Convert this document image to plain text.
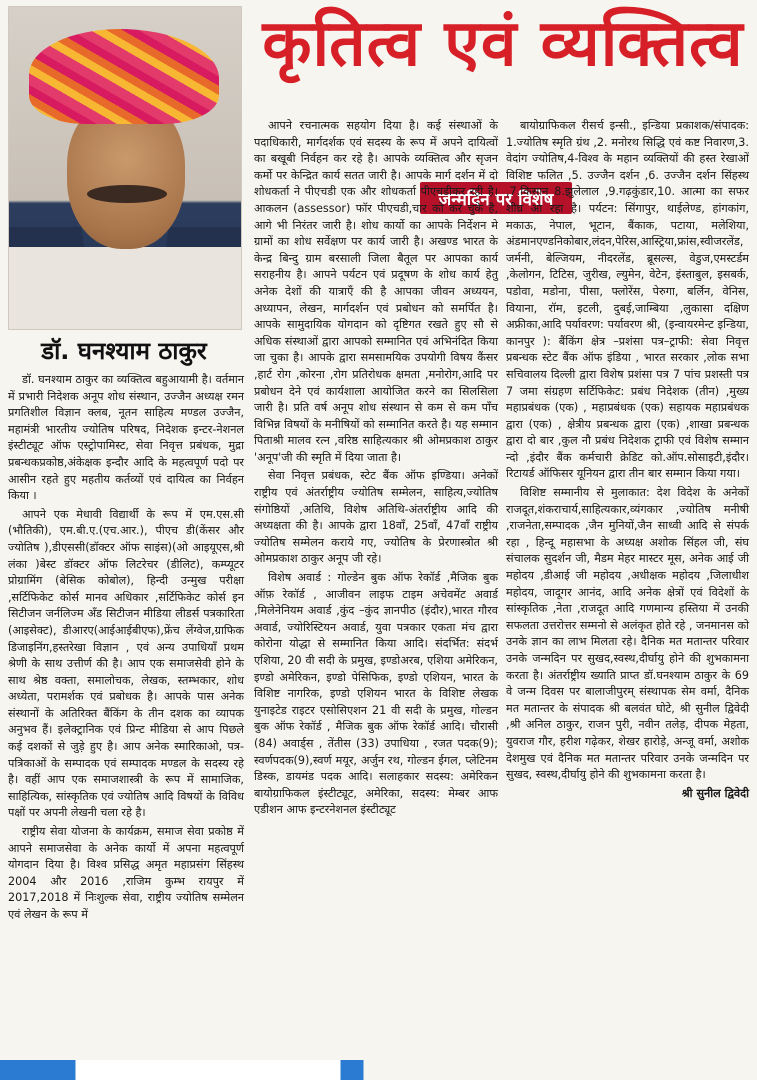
डॉ. घनश्याम ठाकुर
कृतित्व एवं व्यक्तित्व
जन्मदिन पर विशेष

डॉ. घनश्याम ठाकुर का व्यक्तित्व बहुआयामी है। वर्तमान में प्रभारी निदेशक अनूप शोध संस्थान, उज्जैन अध्यक्ष रमन प्रगतिशील विज्ञान क्लब, नूतन साहित्य मण्डल उज्जैन, महामंत्री भारतीय ज्योतिष परिषद, निदेशक इन्टर-नेशनल इंस्टीट्यूट ऑफ एस्ट्रोपामिस्ट, सेवा निवृत्त प्रबंधक, मुद्रा प्रबन्धकप्रकोष्ठ,अंकेक्षक इन्दौर आदि के महत्वपूर्ण पदो पर आसीन रहते हुए महतीय कर्तव्यों एवं दायित्व का निर्वहन किया ।

आपने एक मेधावी विद्यार्थी के रूप में एम.एस.सी (भौतिकी), एम.बी.ए.(एच.आर.), पीएच डी(केंसर और ज्योतिष ),डीएससी(डॉक्टर ऑफ साइंस)(ओ आइयूएस,श्री लंका )बेस्ट डॉक्टर ऑफ लिटरेचर (डीलिट), कम्प्यूटर प्रोग्रामिंग (बेसिक कोबोल), हिन्दी उन्मुख परीक्षा ,सर्टिफिकेट कोर्स मानव अधिकार ,सर्टिफिकेट कोर्स इन सिटीजन जर्नलिज्म अँड सिटीजन मीडिया लीडर्स पत्रकारिता (आइसेक्ट), डीआरए(आईआईबीएफ),फ्रेंच लेंग्वेज,ग्राफिक डिजाइनिंग,हस्तरेखा विज्ञान , एवं अन्य उपाधियाँ प्रथम श्रेणी के साथ उत्तीर्ण की है। आप एक समाजसेवी होने के साथ श्रेष्ठ वक्ता, समालोचक, लेखक, स्तम्भकार, शोध अध्येता, परामर्शक एवं प्रबोधक है। आपके पास अनेक संस्थानों के अतिरिक्त बैंकिंग के तीन दशक का व्यापक अनुभव हैं। इलेक्ट्रानिक एवं प्रिन्ट मीडिया से आप पिछले कई दशकों से जुड़े हुए है। आप अनेक स्मारिकाओ, पत्र-पत्रिकाओं के सम्पादक एवं सम्पादक मण्डल के सदस्य रहे है। वहीं आप एक समाजशास्त्री के रूप में सामाजिक, साहित्यिक, सांस्कृतिक एवं ज्योतिष आदि विषयों के विविध पक्षों पर अपनी लेखनी चला रहे है।

राष्ट्रीय सेवा योजना के कार्यक्रम, समाज सेवा प्रकोष्ठ में आपने समाजसेवा के अनेक कार्यो में अपना महत्वपूर्ण योगदान दिया है। विश्व प्रसिद्ध अमृत महाप्रसंग सिंहस्थ 2004 और 2016 ,राजिम कुम्भ रायपुर में 2017,2018 में निःशुल्क सेवा, राष्ट्रीय ज्योतिष सम्मेलन एवं लेखन के रूप में

आपने रचनात्मक सहयोग दिया है। कई संस्थाओं के पदाधिकारी, मार्गदर्शक एवं सदस्य के रूप में अपने दायित्वों का बखूबी निर्वहन कर रहे है। आपके व्यक्तित्व और सृजन कर्मो पर केन्द्रित कार्य सतत जारी है। आपके मार्ग दर्शन में दो शोधकर्ता ने पीएचडी एक और शोधकर्ता पीएचडीकर रही है। आकलन (assessor) फॉर पीएचडी,चार को कर चुके है, आगे भी निरंतर जारी है। शोध कार्यो का आपके निर्देशन मे ग्रामों का शोध सर्वेक्षण पर कार्य जारी है। अखण्ड भारत के केन्द्र बिन्दु ग्राम बरसाली जिला बैतूल पर आपका कार्य सराहनीय है। आपने पर्यटन एवं प्रदूषण के शोध कार्य हेतु अनेक देशों की यात्राएँ की है आपका जीवन अध्ययन, अध्यापन, लेखन, मार्गदर्शन एवं प्रबोधन को समर्पित है। आपके सामुदायिक योगदान को दृष्टिगत रखते हुए सौ से अधिक संस्थाओं द्वारा आपको सम्मानित एवं अभिनंदित किया जा चुका है। आपके द्वारा समसामयिक उपयोगी विषय कैंसर ,हार्ट रोग ,कोरना ,रोग प्रतिरोधक क्षमता ,मनोरोग,आदि पर प्रबोधन देने एवं कार्यशाला आयोजित करने का सिलसिला जारी है। प्रति वर्ष अनूप शोध संस्थान से कम से कम पाँच विभिन्न विषयों के मनीषियों को सम्मानित करते है। यह सम्मान पिताश्री मालव रत्न ,वरिष्ठ साहित्यकार श्री ओमप्रकाश ठाकुर 'अनूप'जी की स्मृति में दिया जाता है।

सेवा निवृत्त प्रबंधक, स्टेट बैंक ऑफ इण्डिया। अनेकों राष्ट्रीय एवं अंतर्राष्ट्रीय ज्योतिष सम्मेलन, साहित्य,ज्योतिष संगोष्ठियों ,अतिथि, विशेष अतिथि-अंतर्राष्ट्रीय आदि की अध्यक्षता की है। आपके द्वारा 18वाँ, 25वाँ, 47वाँ राष्ट्रीय ज्योतिष सम्मेलन कराये गए, ज्योतिष के प्रेरणास्त्रोत श्री ओमप्रकाश ठाकुर अनूप जी रहे।

विशेष अवार्ड : गोल्डेन बुक ऑफ रेकॉर्ड ,मैजिक बुक ऑफ़ रेकॉर्ड , आजीवन लाइफ टाइम अचेवमेंट अवार्ड ,मिलेनेनियम अवार्ड ,कुंद –कुंद ज्ञानपीठ (इंदौर),भारत गौरव अवार्ड, ज्योरिस्टियन अवार्ड, युवा पत्रकार एकता मंच द्वारा कोरोना योद्धा से सम्मानित किया आदि। संदर्भित: संदर्भ एशिया, 20 वी सदी के प्रमुख, इण्डोअरब, एशिया अमेरिकन, इण्डो अमेरिकन, इण्डो पेसिफिक, इण्डो एशियन, भारत के विशिष्ट नागरिक, इण्डो एशियन भारत के विशिष्ट लेखक युनाइटेड राइटर एसोसिएशन 21 वी सदी के प्रमुख, गोल्डन बुक ऑफ रेकॉर्ड , मैजिक बुक ऑफ रेकॉर्ड आदि। चौरासी (84) अवार्ड्स , तेंतीस (33) उपाधिया , रजत पदक(9); स्वर्णपदक(9),स्वर्ण मयूर, अर्जुन रथ, गोल्डन ईगल, प्लेटिनम डिस्क, डायमंड पदक आदि। सलाहकार सदस्य: अमेरिकन बायोग्राफिकल इंस्टीट्यूट, अमेरिका, सदस्य: मेम्बर आफ एडीशन आफ इन्टरनेशनल इंस्टीट्यूट

बायोग्राफिकल रीसर्च इन्सी., इन्डिया प्रकाशक/संपादक: 1.ज्योतिष स्मृति ग्रंथ ,2. मनोरथ सिद्धि एवं कष्ट निवारण,3. वेदांग ज्योतिष,4-विश्व के महान व्यक्तियों की हस्त रेखाओं विशिष्ट फलित ,5. उज्जैन दर्शन ,6. उज्जैन दर्शन सिंहस्थ ,7.किसान 8.झुलेलाल ,9.गढ़कुंडार,10. आत्मा का सफर शीघ्र आ रहा है। पर्यटन: सिंगापुर, थाईलेण्ड, हांगकांग, मकाऊ, नेपाल, भूटान, बैंकाक, पटाया, मलेशिया, अंडमानएण्डनिकोबार,लंदन,पेरिस,आस्ट्रिया,फ्रांस,स्वीजरलेंड, जर्मनी, बेल्जियम, नीदरलेंड, ब्रूसल्स, वेडुज,एमस्टर्डम ,केलोगन, टिटिस, जुरीख, ल्युमेन, वेटेन, इंस्ताबुल, इसबर्क, पडोवा, मडोना, पीसा, फ्लोरेंस, पेरुगा, बर्लिन, वेनिस, वियाना, रॉम, इटली, दुबई,जाम्बिया ,लुकासा दक्षिण अफ्रीका,आदि पर्यावरण: पर्यावरण श्री, (इन्वायरमेन्ट इन्डिया, कानपुर ): बैंकिंग क्षेत्र –प्रशंसा पत्र–ट्राफी: सेवा निवृत्त प्रबन्धक स्टेट बैंक ऑफ इंडिया , भारत सरकार ,लोक सभा सचिवालय दिल्ली द्वारा विशेष प्रशंसा पत्र 7 पांच प्रशस्ती पत्र 7 जमा संग्रहण सर्टिफिकेट: प्रबंध निदेशक (तीन) ,मुख्य महाप्रबंधक (एक) , महाप्रबंधक (एक) सहायक महाप्रबंधक द्वारा (एक) , क्षेत्रीय प्रबन्धक द्वारा (एक) ,शाखा प्रबन्धक द्वारा दो बार ,कुल नौ प्रबंध निदेशक ट्राफी एवं विशेष सम्मान न्दो ,इंदौर बैंक कर्मचारी क्रेडिट को.ऑप.सोसाइटी,इंदौर। रिटायर्ड ऑफिसर यूनियन द्वारा तीन बार सम्मान किया गया।

विशिष्ट सम्मानीय से मुलाकात: देश विदेश के अनेकों राजदूत,शंकराचार्य,साहित्यकार,व्यंगकार ,ज्योतिष मनीषी ,राजनेता,सम्पादक ,जैन मुनियों,जैन साध्वी आदि से संपर्क रहा , हिन्दू महासभा के अध्यक्ष अशोक सिंहल जी, संघ संचालक सुदर्शन जी, मैडम मेहर मास्टर मूस, अनेक आई जी महोदय ,डीआई जी महोदय ,अधीक्षक महोदय ,जिलाधीश महोदय, जादूगर आनंद, आदि अनेक क्षेत्रों एवं विदेशों के सांस्कृतिक ,नेता ,राजदूत आदि गणमान्य हस्तिया में उनकी सफलता उत्तरोत्तर सम्मनो से अलंकृत होते रहे , जनमानस को उनके ज्ञान का लाभ मिलता रहे। दैनिक मत मतान्तर परिवार उनके जन्मदिन पर सुखद,स्वस्थ,दीर्घायु होने की शुभकामना करता है। अंतर्राष्ट्रीय ख्याति प्राप्त डॉ.घनश्याम ठाकुर के 69 वे जन्म दिवस पर बालाजीपुरम् संस्थापक सेम वर्मा, दैनिक मत मतान्तर के संपादक श्री बलवंत घोटे, श्री सुनील द्विवेदी ,श्री अनिल ठाकुर, राजन पुरी, नवीन तलेड़, दीपक मेहता, युवराज गौर, हरीश गढ़ेकर, शेखर हारोड़े, अन्जू वर्मा, अशोक देशमुख एवं दैनिक मत मतान्तर परिवार उनके जन्मदिन पर सुखद, स्वस्थ,दीर्घायु होने की शुभकामना करता है।

श्री सुनील द्विवेदी
